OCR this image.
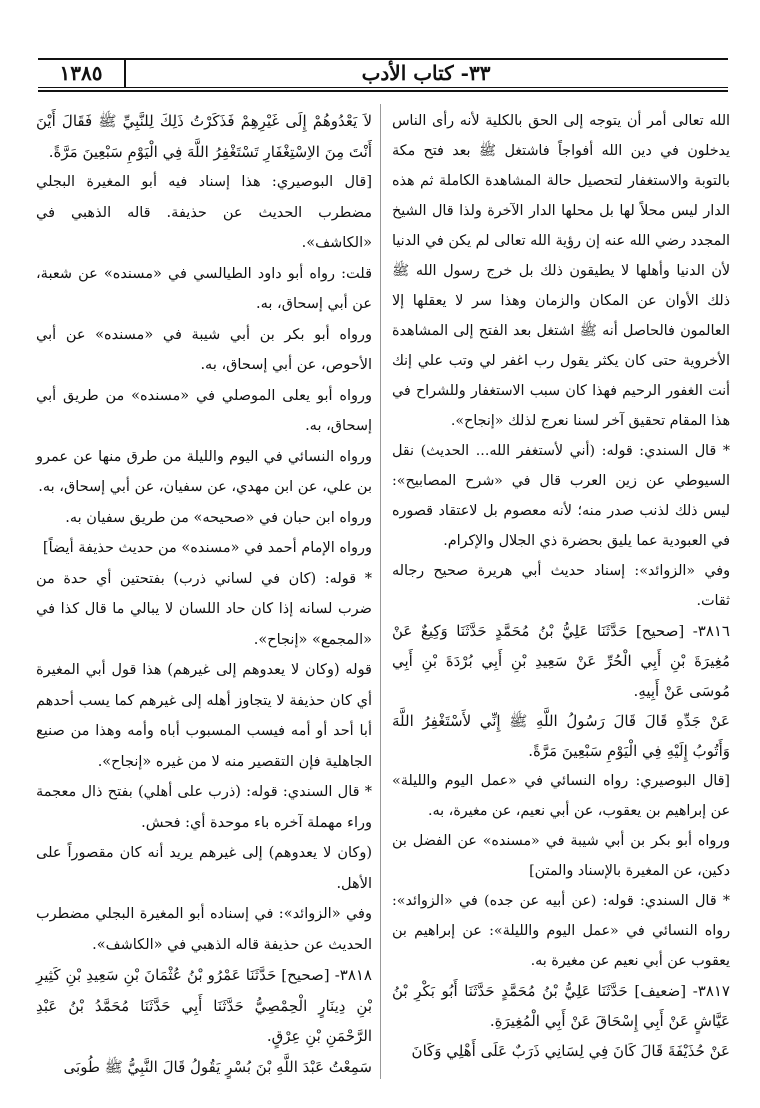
١٣٨٥	٣٣- كتاب الأدب

الله تعالى أمر أن يتوجه إلى الحق بالكلية لأنه رأى الناس يدخلون في دين الله أفواجاً فاشتغل ﷺ بعد فتح مكة بالتوبة والاستغفار لتحصيل حالة المشاهدة الكاملة ثم هذه الدار ليس محلاً لها بل محلها الدار الآخرة ولذا قال الشيخ المجدد رضي الله عنه إن رؤية الله تعالى لم يكن في الدنيا لأن الدنيا وأهلها لا يطيقون ذلك بل خرج رسول الله ﷺ ذلك الأوان عن المكان والزمان وهذا سر لا يعقلها إلا العالمون فالحاصل أنه ﷺ اشتغل بعد الفتح إلى المشاهدة الأخروية حتى كان يكثر يقول رب اغفر لي وتب علي إنك أنت الغفور الرحيم فهذا كان سبب الاستغفار وللشراح في هذا المقام تحقيق آخر لسنا نعرج لذلك «إنجاح».

* قال السندي: قوله: (أني لأستغفر الله... الحديث) نقل السيوطي عن زين العرب قال في «شرح المصابيح»: ليس ذلك لذنب صدر منه؛ لأنه معصوم بل لاعتقاد قصوره في العبودية عما يليق بحضرة ذي الجلال والإكرام.

وفي «الزوائد»: إسناد حديث أبي هريرة صحيح رجاله ثقات.

٣٨١٦- [صحيح] حَدَّثَنَا عَلِيُّ بْنُ مُحَمَّدٍ حَدَّثَنَا وَكِيعٌ عَنْ مُغِيرَةَ بْنِ أَبِي الْحُرِّ عَنْ سَعِيدِ بْنِ أَبِي بُرْدَةَ بْنِ أَبِي مُوسَى عَنْ أَبِيهِ.

عَنْ جَدِّهِ قَالَ قَالَ رَسُولُ اللَّهِ ﷺ إِنِّي لأَسْتَغْفِرُ اللَّهَ وَأَتُوبُ إِلَيْهِ فِي الْيَوْمِ سَبْعِينَ مَرَّةً.

[قال البوصيري: رواه النسائي في «عمل اليوم والليلة» عن إبراهيم بن يعقوب، عن أبي نعيم، عن مغيرة، به.

ورواه أبو بكر بن أبي شيبة في «مسنده» عن الفضل بن دكين، عن المغيرة بالإسناد والمتن]

* قال السندي: قوله: (عن أبيه عن جده) في «الزوائد»: رواه النسائي في «عمل اليوم والليلة»: عن إبراهيم بن يعقوب عن أبي نعيم عن مغيرة به.

٣٨١٧- [ضعيف] حَدَّثَنَا عَلِيُّ بْنُ مُحَمَّدٍ حَدَّثَنَا أَبُو بَكْرِ بْنُ عَيَّاشٍ عَنْ أَبِي إِسْحَاقَ عَنْ أَبِي الْمُغِيرَةِ.

عَنْ حُذَيْفَةَ قَالَ كَانَ فِي لِسَانِي ذَرَبٌ عَلَى أَهْلِي وَكَانَ

لاَ يَعْدُوهُمْ إِلَى غَيْرِهِمْ فَذَكَرْتُ ذَلِكَ لِلنَّبِيِّ ﷺ فَقَالَ أَيْنَ أَنْتَ مِنَ الاِسْتِغْفَارِ تَسْتَغْفِرُ اللَّهَ فِي الْيَوْمِ سَبْعِينَ مَرَّةً.

[قال البوصيري: هذا إسناد فيه أبو المغيرة البجلي مضطرب الحديث عن حذيفة. قاله الذهبي في «الكاشف».

قلت: رواه أبو داود الطيالسي في «مسنده» عن شعبة، عن أبي إسحاق، به.

ورواه أبو بكر بن أبي شيبة في «مسنده» عن أبي الأحوص، عن أبي إسحاق، به.

ورواه أبو يعلى الموصلي في «مسنده» من طريق أبي إسحاق، به.

ورواه النسائي في اليوم والليلة من طرق منها عن عمرو بن علي، عن ابن مهدي، عن سفيان، عن أبي إسحاق، به.

ورواه ابن حبان في «صحيحه» من طريق سفيان به.

ورواه الإمام أحمد في «مسنده» من حديث حذيفة أيضاً]

* قوله: (كان في لساني ذرب) بفتحتين أي حدة من ضرب لسانه إذا كان حاد اللسان لا يبالي ما قال كذا في «المجمع» «إنجاح».

قوله (وكان لا يعدوهم إلى غيرهم) هذا قول أبي المغيرة أي كان حذيفة لا يتجاوز أهله إلى غيرهم كما يسب أحدهم أبا أحد أو أمه فيسب المسبوب أباه وأمه وهذا من صنيع الجاهلية فإن التقصير منه لا من غيره «إنجاح».

* قال السندي: قوله: (ذرب على أهلي) بفتح ذال معجمة وراء مهملة آخره باء موحدة أي: فحش.

(وكان لا يعدوهم) إلى غيرهم يريد أنه كان مقصوراً على الأهل.

وفي «الزوائد»: في إسناده أبو المغيرة البجلي مضطرب الحديث عن حذيفة قاله الذهبي في «الكاشف».

٣٨١٨- [صحيح] حَدَّثَنَا عَمْرُو بْنُ عُثْمَانَ بْنِ سَعِيدِ بْنِ كَثِيرِ بْنِ دِينَارٍ الْحِمْصِيُّ حَدَّثَنَا أَبِي حَدَّثَنَا مُحَمَّدُ بْنُ عَبْدِ الرَّحْمَنِ بْنِ عِرْقٍ.

سَمِعْتُ عَبْدَ اللَّهِ بْنَ بُسْرٍ يَقُولُ قَالَ النَّبِيُّ ﷺ طُوبَى
